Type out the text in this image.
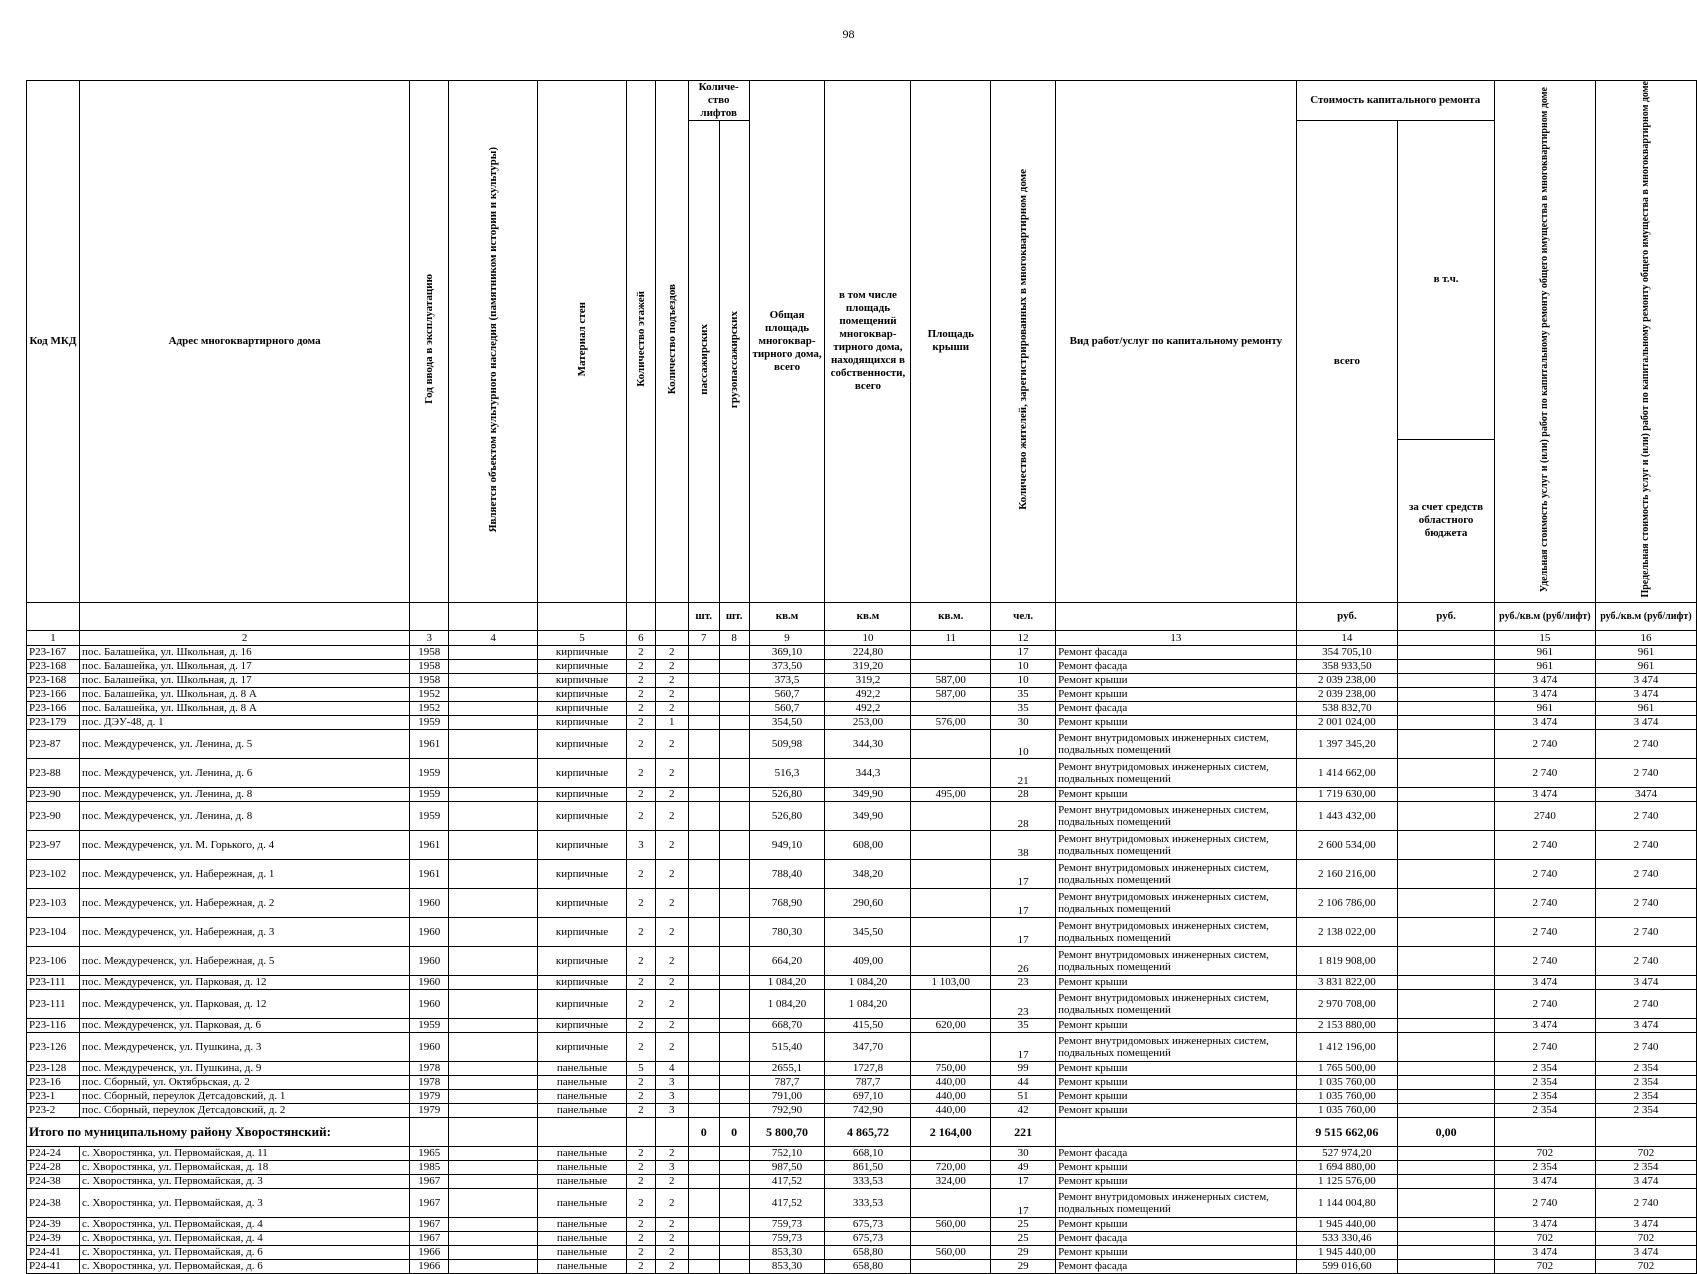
98
Код МКД	Адрес многоквартирного дома	Год ввода в эксплуатацию	Является объектом культурного наследия (памятником истории и культуры)	Материал стен	Количество этажей	Количество подъездов	Количе-ство лифтов		Общая площадь многоквар-тирного дома, всего	в том числе площадь помещений многоквар-тирного дома, находящихся в собственности, всего	Площадь крыши	Количество жителей, зарегистрированных в многоквартирном доме	Вид работ/услуг по капитальному ремонту	Стоимость капитального ремонта		Удельная стоимость услуг и (или) работ по капитальному ремонту общего имущества в многоквартирном доме	Предельная стоимость услуг и (или) работ по капитальному ремонту общего имущества в многоквартирном доме
							пассажирских	грузопассажирских						всего	в т.ч.		
															за счет средств областного бюджета		
							шт.	шт.	кв.м	кв.м	кв.м.	чел.		руб.	руб.	руб./кв.м (руб/лифт)	руб./кв.м (руб/лифт)
1	2	3	4	5	6		7	8	9	10	11	12	13	14		15	16
Р23-167	пос. Балашейка, ул. Школьная, д. 16	1958		кирпичные	2	2			369,10	224,80		17	Ремонт фасада	354 705,10		961	961
Р23-168	пос. Балашейка, ул. Школьная, д. 17	1958		кирпичные	2	2			373,50	319,20		10	Ремонт фасада	358 933,50		961	961
Р23-168	пос. Балашейка, ул. Школьная, д. 17	1958		кирпичные	2	2			373,5	319,2	587,00	10	Ремонт крыши	2 039 238,00		3 474	3 474
Р23-166	пос. Балашейка, ул. Школьная, д. 8 А	1952		кирпичные	2	2			560,7	492,2	587,00	35	Ремонт крыши	2 039 238,00		3 474	3 474
Р23-166	пос. Балашейка, ул. Школьная, д. 8 А	1952		кирпичные	2	2			560,7	492,2		35	Ремонт фасада	538 832,70		961	961
Р23-179	пос. ДЭУ-48, д. 1	1959		кирпичные	2	1			354,50	253,00	576,00	30	Ремонт крыши	2 001 024,00		3 474	3 474
Р23-87	пос. Междуреченск, ул. Ленина, д. 5	1961		кирпичные	2	2			509,98	344,30		10	Ремонт внутридомовых инженерных систем, подвальных помещений	1 397 345,20		2 740	2 740
Р23-88	пос. Междуреченск, ул. Ленина, д. 6	1959		кирпичные	2	2			516,3	344,3		21	Ремонт внутридомовых инженерных систем, подвальных помещений	1 414 662,00		2 740	2 740
Р23-90	пос. Междуреченск, ул. Ленина, д. 8	1959		кирпичные	2	2			526,80	349,90	495,00	28	Ремонт крыши	1 719 630,00		3 474	3474
Р23-90	пос. Междуреченск, ул. Ленина, д. 8	1959		кирпичные	2	2			526,80	349,90		28	Ремонт внутридомовых инженерных систем, подвальных помещений	1 443 432,00		2740	2 740
Р23-97	пос. Междуреченск, ул. М. Горького, д. 4	1961		кирпичные	3	2			949,10	608,00		38	Ремонт внутридомовых инженерных систем, подвальных помещений	2 600 534,00		2 740	2 740
Р23-102	пос. Междуреченск, ул. Набережная, д. 1	1961		кирпичные	2	2			788,40	348,20		17	Ремонт внутридомовых инженерных систем, подвальных помещений	2 160 216,00		2 740	2 740
Р23-103	пос. Междуреченск, ул. Набережная, д. 2	1960		кирпичные	2	2			768,90	290,60		17	Ремонт внутридомовых инженерных систем, подвальных помещений	2 106 786,00		2 740	2 740
Р23-104	пос. Междуреченск, ул. Набережная, д. 3	1960		кирпичные	2	2			780,30	345,50		17	Ремонт внутридомовых инженерных систем, подвальных помещений	2 138 022,00		2 740	2 740
Р23-106	пос. Междуреченск, ул. Набережная, д. 5	1960		кирпичные	2	2			664,20	409,00		26	Ремонт внутридомовых инженерных систем, подвальных помещений	1 819 908,00		2 740	2 740
Р23-111	пос. Междуреченск, ул. Парковая, д. 12	1960		кирпичные	2	2			1 084,20	1 084,20	1 103,00	23	Ремонт крыши	3 831 822,00		3 474	3 474
Р23-111	пос. Междуреченск, ул. Парковая, д. 12	1960		кирпичные	2	2			1 084,20	1 084,20		23	Ремонт внутридомовых инженерных систем, подвальных помещений	2 970 708,00		2 740	2 740
Р23-116	пос. Междуреченск, ул. Парковая, д. 6	1959		кирпичные	2	2			668,70	415,50	620,00	35	Ремонт крыши	2 153 880,00		3 474	3 474
Р23-126	пос. Междуреченск, ул. Пушкина, д. 3	1960		кирпичные	2	2			515,40	347,70		17	Ремонт внутридомовых инженерных систем, подвальных помещений	1 412 196,00		2 740	2 740
Р23-128	пос. Междуреченск, ул. Пушкина, д. 9	1978		панельные	5	4			2655,1	1727,8	750,00	99	Ремонт крыши	1 765 500,00		2 354	2 354
Р23-16	пос. Сборный, ул. Октябрьская, д. 2	1978		панельные	2	3			787,7	787,7	440,00	44	Ремонт крыши	1 035 760,00		2 354	2 354
Р23-1	пос. Сборный, переулок Детсадовский, д. 1	1979		панельные	2	3			791,00	697,10	440,00	51	Ремонт крыши	1 035 760,00		2 354	2 354
Р23-2	пос. Сборный, переулок Детсадовский, д. 2	1979		панельные	2	3			792,90	742,90	440,00	42	Ремонт крыши	1 035 760,00		2 354	2 354
Итого по муниципальному району Хворостянский:							0	0	5 800,70	4 865,72	2 164,00	221		9 515 662,06	0,00		
Р24-24	с. Хворостянка, ул. Первомайская, д. 11	1965		панельные	2	2			752,10	668,10		30	Ремонт фасада	527 974,20		702	702
Р24-28	с. Хворостянка, ул. Первомайская, д. 18	1985		панельные	2	3			987,50	861,50	720,00	49	Ремонт крыши	1 694 880,00		2 354	2 354
Р24-38	с. Хворостянка, ул. Первомайская, д. 3	1967		панельные	2	2			417,52	333,53	324,00	17	Ремонт крыши	1 125 576,00		3 474	3 474
Р24-38	с. Хворостянка, ул. Первомайская, д. 3	1967		панельные	2	2			417,52	333,53		17	Ремонт внутридомовых инженерных систем, подвальных помещений	1 144 004,80		2 740	2 740
Р24-39	с. Хворостянка, ул. Первомайская, д. 4	1967		панельные	2	2			759,73	675,73	560,00	25	Ремонт крыши	1 945 440,00		3 474	3 474
Р24-39	с. Хворостянка, ул. Первомайская, д. 4	1967		панельные	2	2			759,73	675,73		25	Ремонт фасада	533 330,46		702	702
Р24-41	с. Хворостянка, ул. Первомайская, д. 6	1966		панельные	2	2			853,30	658,80	560,00	29	Ремонт крыши	1 945 440,00		3 474	3 474
Р24-41	с. Хворостянка, ул. Первомайская, д. 6	1966		панельные	2	2			853,30	658,80		29	Ремонт фасада	599 016,60		702	702
